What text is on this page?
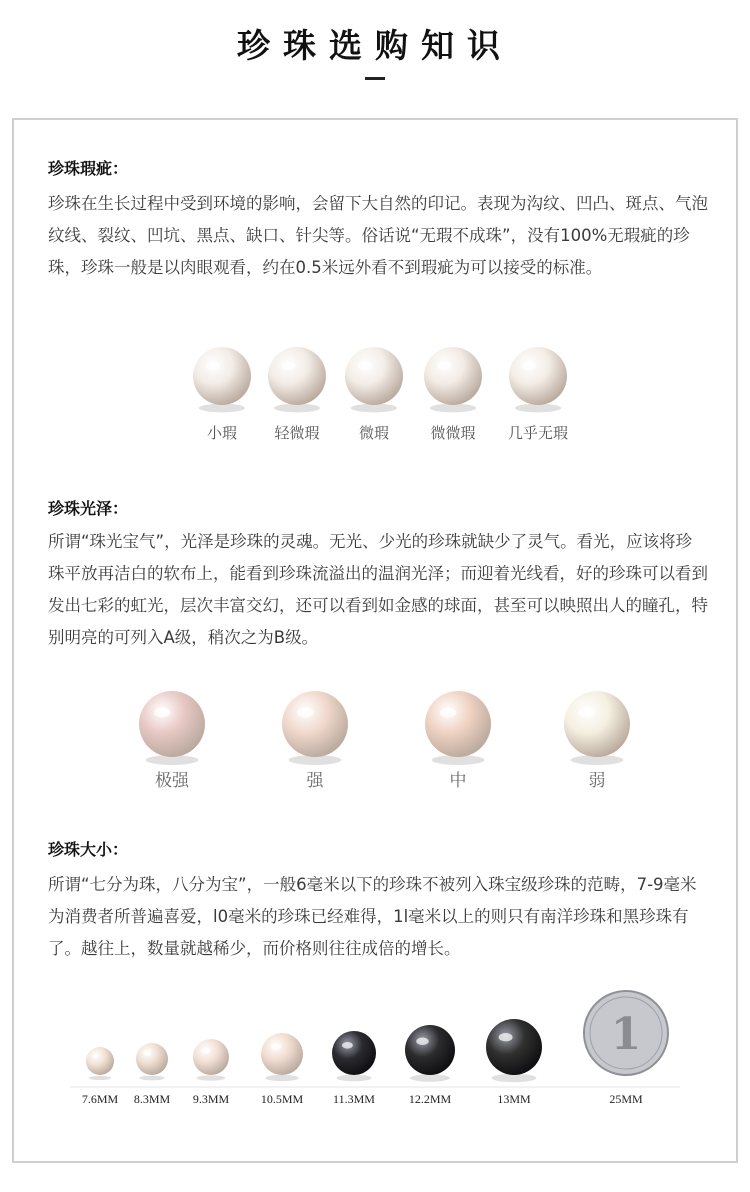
珍珠选购知识
珍珠瑕疵：
珍珠在生长过程中受到环境的影响，会留下大自然的印记。表现为沟纹、凹凸、斑点、气泡纹线、裂纹、凹坑、黑点、缺口、针尖等。俗话说“无瑕不成珠”，没有100%无瑕疵的珍珠，珍珠一般是以肉眼观看，约在0.5米远外看不到瑕疵为可以接受的标准。
小瑕 轻微瑕	微瑕	微微瑕 几乎无瑕
珍珠光泽：
所谓“珠光宝气”，光泽是珍珠的灵魂。无光、少光的珍珠就缺少了灵气。看光，应该将珍珠平放再洁白的软布上，能看到珍珠流溢出的温润光泽；而迎着光线看，好的珍珠可以看到发出七彩的虹光，层次丰富交幻，还可以看到如金感的球面，甚至可以映照出人的瞳孔，特别明亮的可列入A级，稍次之为B级。
极强	强	中	弱
珍珠大小：
所谓“七分为珠，八分为宝”，一般6毫米以下的珍珠不被列入珠宝级珍珠的范畴，7-9毫米为消费者所普遍喜爱，l0毫米的珍珠已经难得，1l毫米以上的则只有南洋珍珠和黑珍珠有了。越往上，数量就越稀少，而价格则往往成倍的增长。
7.6MM 8.3MM 9.3MM	10.5MM 11.3MM	12.2MM	13MM
1
25MM
